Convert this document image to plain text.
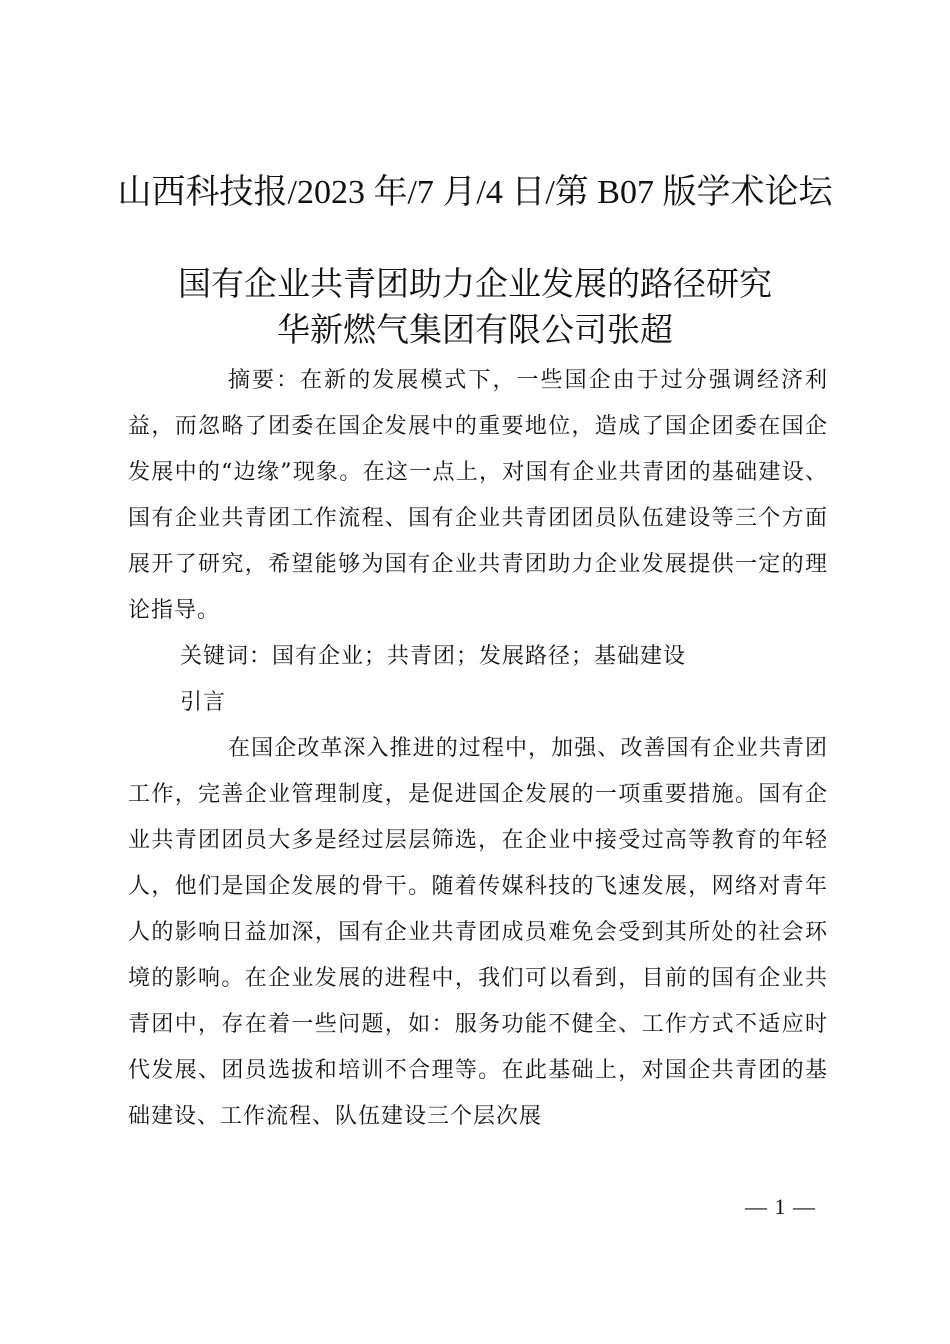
山西科技报/2023 年/7 月/4 日/第 B07 版学术论坛
国有企业共青团助力企业发展的路径研究
华新燃气集团有限公司张超
摘要：在新的发展模式下，一些国企由于过分强调经济利益，而忽略了团委在国企发展中的重要地位，造成了国企团委在国企发展中的“边缘”现象。在这一点上，对国有企业共青团的基础建设、国有企业共青团工作流程、国有企业共青团团员队伍建设等三个方面展开了研究，希望能够为国有企业共青团助力企业发展提供一定的理论指导。
关键词：国有企业；共青团；发展路径；基础建设
引言
在国企改革深入推进的过程中，加强、改善国有企业共青团工作，完善企业管理制度，是促进国企发展的一项重要措施。国有企业共青团团员大多是经过层层筛选，在企业中接受过高等教育的年轻人，他们是国企发展的骨干。随着传媒科技的飞速发展，网络对青年人的影响日益加深，国有企业共青团成员难免会受到其所处的社会环境的影响。在企业发展的进程中，我们可以看到，目前的国有企业共青团中，存在着一些问题，如：服务功能不健全、工作方式不适应时代发展、团员选拔和培训不合理等。在此基础上，对国企共青团的基础建设、工作流程、队伍建设三个层次展
— 1 —
